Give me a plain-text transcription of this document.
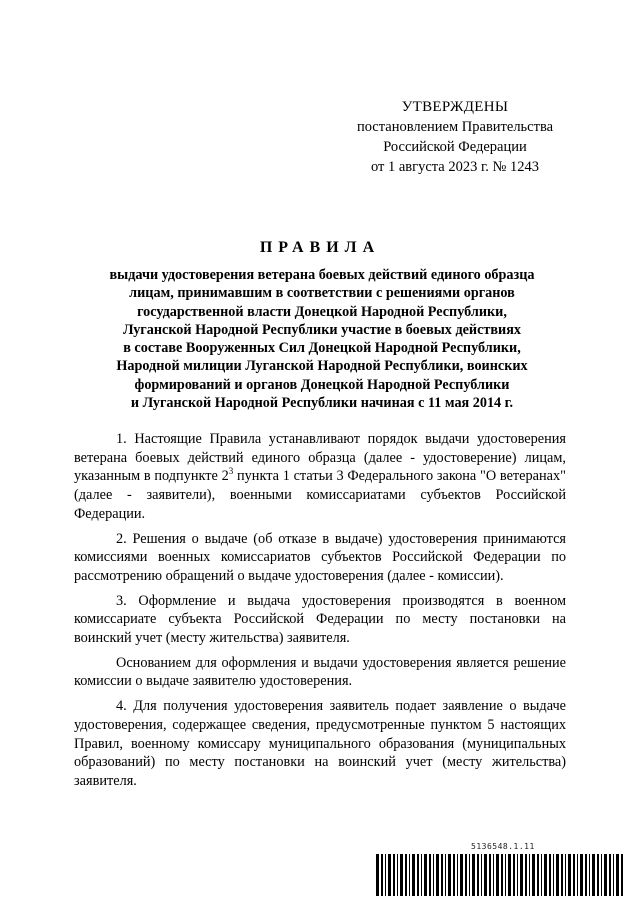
УТВЕРЖДЕНЫ
постановлением Правительства
Российской Федерации
от 1 августа 2023 г. № 1243
ПРАВИЛА
выдачи удостоверения ветерана боевых действий единого образца
лицам, принимавшим в соответствии с решениями органов
государственной власти Донецкой Народной Республики,
Луганской Народной Республики участие в боевых действиях
в составе Вооруженных Сил Донецкой Народной Республики,
Народной милиции Луганской Народной Республики, воинских
формирований и органов Донецкой Народной Республики
и Луганской Народной Республики начиная с 11 мая 2014 г.

1. Настоящие Правила устанавливают порядок выдачи удостоверения ветерана боевых действий единого образца (далее - удостоверение) лицам, указанным в подпункте $2^3$ пункта 1 статьи 3 Федерального закона "О ветеранах" (далее - заявители), военными комиссариатами субъектов Российской Федерации.

2. Решения о выдаче (об отказе в выдаче) удостоверения принимаются комиссиями военных комиссариатов субъектов Российской Федерации по рассмотрению обращений о выдаче удостоверения (далее - комиссии).

3. Оформление и выдача удостоверения производятся в военном комиссариате субъекта Российской Федерации по месту постановки на воинский учет (месту жительства) заявителя.

Основанием для оформления и выдачи удостоверения является решение комиссии о выдаче заявителю удостоверения.

4. Для получения удостоверения заявитель подает заявление о выдаче удостоверения, содержащее сведения, предусмотренные пунктом 5 настоящих Правил, военному комиссару муниципального образования (муниципальных образований) по месту постановки на воинский учет (месту жительства) заявителя.

5136548.1.11
